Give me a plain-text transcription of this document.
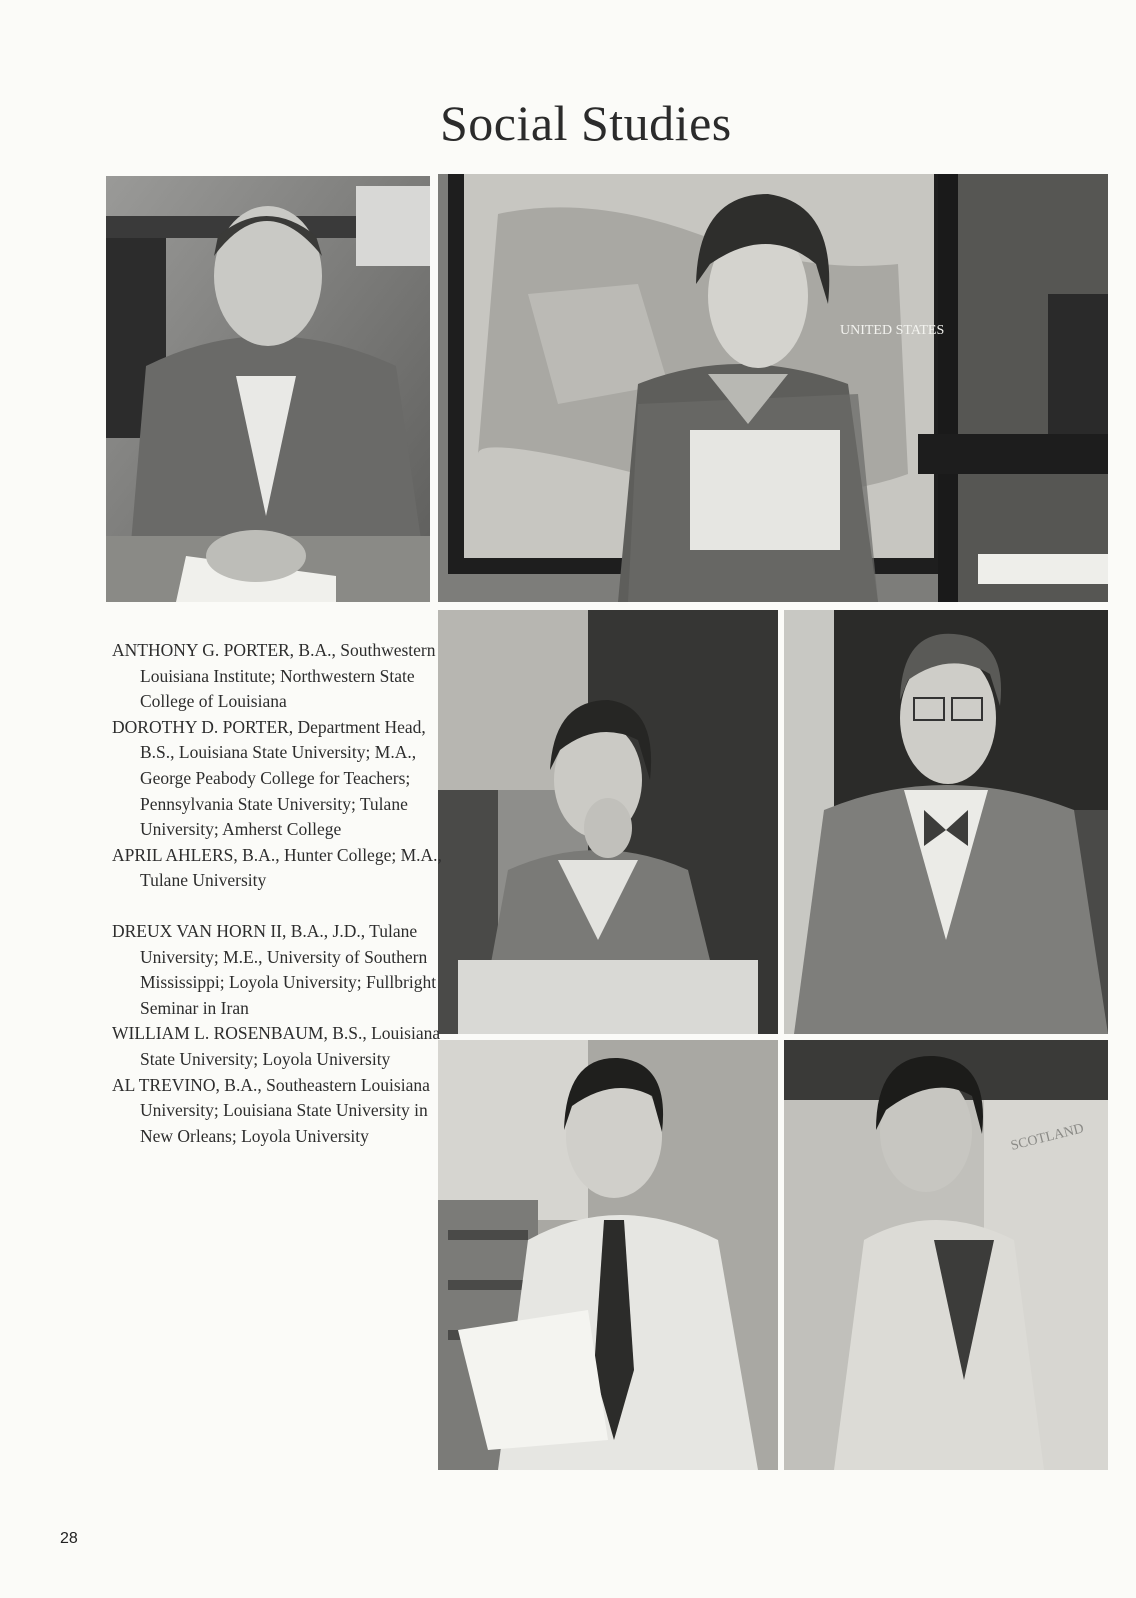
Social Studies
UNITED STATES
SCOTLAND

ANTHONY G. PORTER, B.A., Southwestern Louisiana Institute; Northwestern State College of Louisiana

DOROTHY D. PORTER, Department Head, B.S., Louisiana State University; M.A., George Peabody College for Teachers; Pennsylvania State University; Tulane University; Amherst College

APRIL AHLERS, B.A., Hunter College; M.A., Tulane University

DREUX VAN HORN II, B.A., J.D., Tulane University; M.E., University of Southern Mississippi; Loyola University; Fullbright Seminar in Iran

WILLIAM L. ROSENBAUM, B.S., Louisiana State University; Loyola University

AL TREVINO, B.A., Southeastern Louisiana University; Louisiana State University in New Orleans; Loyola University

28
